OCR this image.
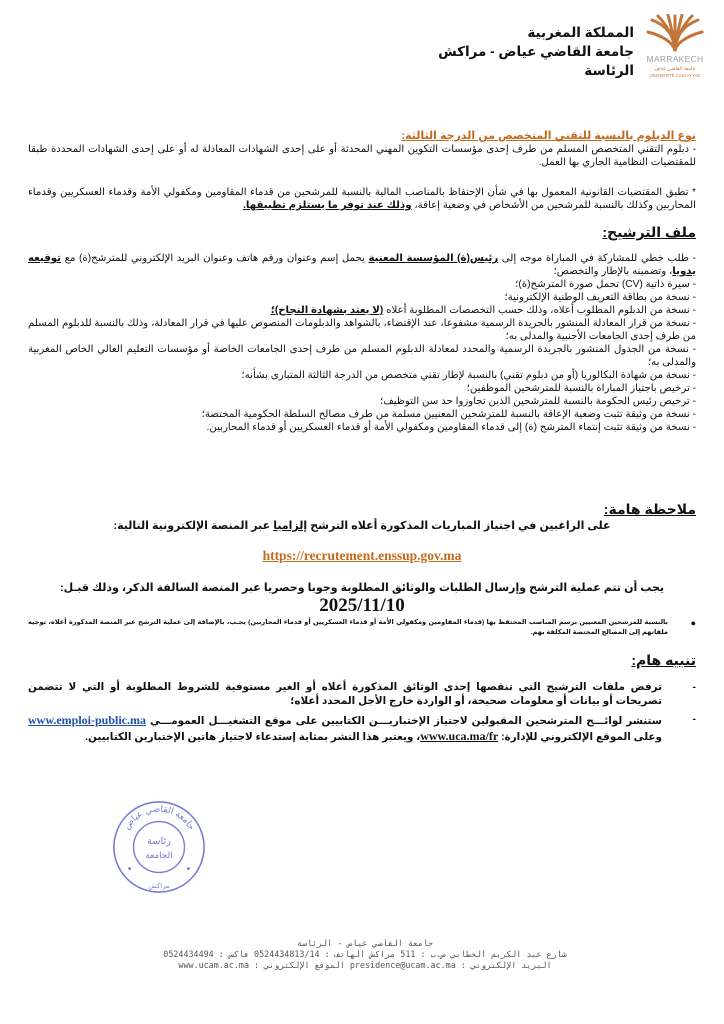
MARRAKECH
جامعة القاضي عياض
UNIVERSITÉ CADI AYYAD
المملكة المغربية
جامعة القاضي عياض - مراكش
الرئاسة
نوع الدبلوم بالنسبة للتقني المتخصص من الدرجة الثالثة:
- دبلوم التقني المتخصص المسلم من طرف إحدى مؤسسات التكوين المهني المحدثة أو على إحدى الشهادات المعادلة له أو على إحدى الشهادات المحددة طبقا للمقتضيات النظامية الجاري بها العمل.
* تطبق المقتضيات القانونية المعمول بها في شأن الإحتفاظ بالمناصب المالية بالنسبة للمرشحين من قدماء المقاومين ومكفولي الأمة وقدماء العسكريين وقدماء المحاربين وكذلك بالنسبة للمرشحين من الأشخاص في وضعية إعاقة، وذلك عند توفر ما يستلزم تطبيقها.
ملف الترشيح:
- طلب خطي للمشاركة في المباراة موجه إلى رئيس(ة) المؤسسة المعنية يحمل إسم وعنوان ورقم هاتف وعنوان البريد الإلكتروني للمترشح(ة) مع توقيعه يدويا، وتضمينه بالإطار والتخصص؛
- سيرة ذاتية (CV) تحمل صورة المترشح(ة)؛
- نسخة من بطاقة التعريف الوطنية الإلكترونية؛
- نسخة من الدبلوم المطلوب أعلاه، وذلك حسب التخصصات المطلوبة أعلاه (لا يعتد بشهادة النجاح)؛
- نسخة من قرار المعادلة المنشور بالجريدة الرسمية مشفوعا، عند الإقتضاء، بالشواهد والدبلومات المنصوص عليها في قرار المعادلة، وذلك بالنسبة للدبلوم المسلم من طرف إحدى الجامعات الأجنبية والمدلى به؛
- نسخة من الجدول المنشور بالجريدة الرسمية والمحدد لمعادلة الدبلوم المسلم من طرف إحدى الجامعات الخاصة أو مؤسسات التعليم العالي الخاص المغربية والمدلى به؛
- نسخة من شهادة البكالوريا (أو من دبلوم تقني) بالنسبة لإطار تقني متخصص من الدرجة الثالثة المتبارى بشأنه؛
- ترخيص باجتياز المباراة بالنسبة للمترشحين الموظفين؛
- ترخيص رئيس الحكومة بالنسبة للمترشحين الذين تجاوزوا حد سن التوظيف؛
- نسخة من وثيقة تثبت وضعية الإعاقة بالنسبة للمترشحين المعنيين مسلمة من طرف مصالح السلطة الحكومية المختصة؛
- نسخة من وثيقة تثبت إنتماء المترشح (ة) إلى قدماء المقاومين ومكفولي الأمة أو قدماء العسكريين أو قدماء المحاربين.
ملاحظة هامة:
على الراغبين في اجتياز المباريات المذكورة أعلاه الترشح إلزاميا عبر المنصة الإلكترونية التالية:
https://recrutement.enssup.gov.ma
يجب أن تتم عملية الترشح وإرسال الطلبات والوثائق المطلوبة وجوبا وحصريا عبر المنصة السالفة الذكر، وذلك قبـل:
2025/11/10
●
بالنسبة للمرشحين المعنيين برسم المناصب المحتفظ بها (قدماء المقاومين ومكفولي الأمة أو قدماء العسكريين أو قدماء المحاربين) يجـب، بالإضافة إلى عملية الترشح عبر المنصة المذكورة أعلاه، توجيه ملفاتهم إلى المصالح المختصة المكلفة بهم.
تنبيه هام:
-
ترفض ملفات الترشيح التي تنقصها إحدى الوثائق المذكورة أعلاه أو الغير مستوفية للشروط المطلوبة أو التي لا تتضمن تصريحات أو بيانات أو معلومات صحيحة، أو الواردة خارج الأجل المحدد أعلاه؛
-
ستنشر لوائـــح المترشحين المقبولين لاجتياز الإختباريـــن الكتابيين على موقع التشغيـــل العمومـــي www.emploi-public.ma وعلى الموقع الإلكتروني للإدارة: www.uca.ma/fr، ويعتبر هذا النشر بمثابة إستدعاء لاجتياز هاتين الإختبارين الكتابيين.
جامعة القاضي عياض
رئاسة
الجامعة
مراكش
جامعة القاضي عياض - الرئاسة
شارع عبد الكريم الخطابي ص.ب : 511 مراكش الهاتف : 0524434813/14 فاكس : 0524434494
البريد الإلكتروني : presidence@ucam.ac.ma الموقع الإلكتروني : www.ucam.ac.ma
